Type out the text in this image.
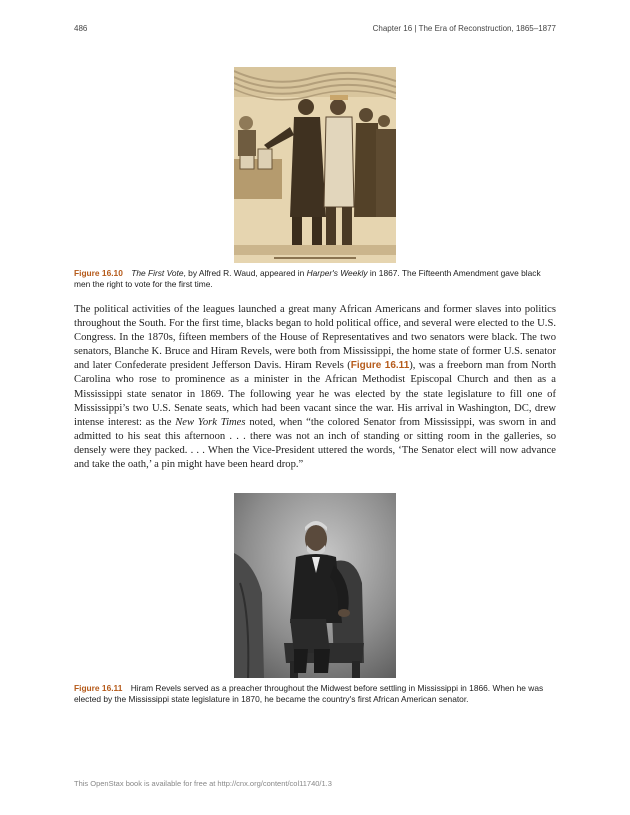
486	Chapter 16 | The Era of Reconstruction, 1865–1877
Figure 16.10 The First Vote, by Alfred R. Waud, appeared in Harper's Weekly in 1867. The Fifteenth Amendment gave black men the right to vote for the first time.

The political activities of the leagues launched a great many African Americans and former slaves into politics throughout the South. For the first time, blacks began to hold political office, and several were elected to the U.S. Congress. In the 1870s, fifteen members of the House of Representatives and two senators were black. The two senators, Blanche K. Bruce and Hiram Revels, were both from Mississippi, the home state of former U.S. senator and later Confederate president Jefferson Davis. Hiram Revels (Figure 16.11), was a freeborn man from North Carolina who rose to prominence as a minister in the African Methodist Episcopal Church and then as a Mississippi state senator in 1869. The following year he was elected by the state legislature to fill one of Mississippi’s two U.S. Senate seats, which had been vacant since the war. His arrival in Washington, DC, drew intense interest: as the New York Times noted, when “the colored Senator from Mississippi, was sworn in and admitted to his seat this afternoon . . . there was not an inch of standing or sitting room in the galleries, so densely were they packed. . . . When the Vice-President uttered the words, ‘The Senator elect will now advance and take the oath,’ a pin might have been heard drop.”

Figure 16.11 Hiram Revels served as a preacher throughout the Midwest before settling in Mississippi in 1866. When he was elected by the Mississippi state legislature in 1870, he became the country's first African American senator.
This OpenStax book is available for free at http://cnx.org/content/col11740/1.3
